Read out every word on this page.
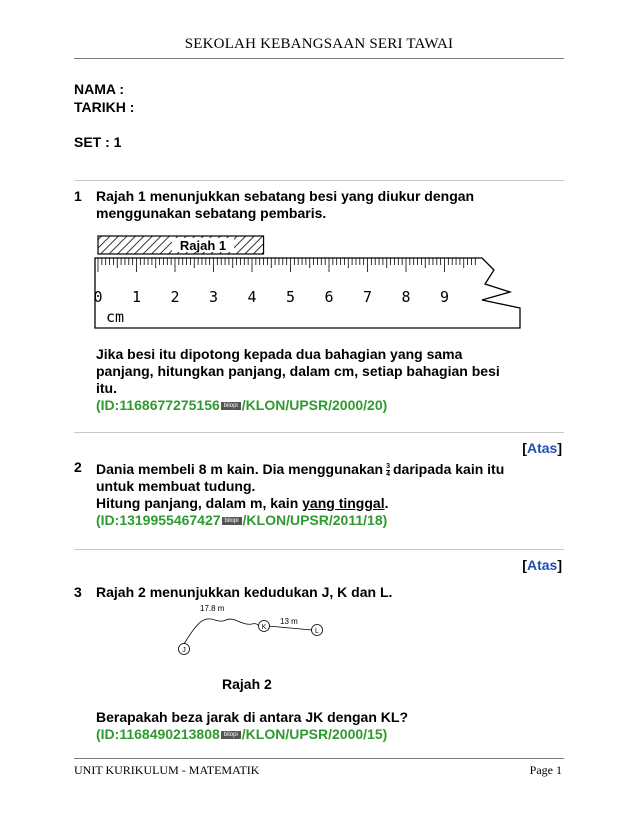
SEKOLAH KEBANGSAAN SERI TAWAI
NAMA :
TARIKH :
SET : 1
1 Rajah 1 menunjukkan sebatang besi yang diukur dengan
menggunakan sebatang pembaris.
Rajah 1
0 1 2 3 4 5 6 7 8 9
cm
Jika besi itu dipotong kepada dua bahagian yang sama
panjang, hitungkan panjang, dalam cm, setiap bahagian besi
itu.
(ID:1168677275156 bilopi /KLON/UPSR/2000/20)
[Atas]
2 Dania membeli 8 m kain. Dia menggunakan $\frac{3}{4}$ daripada kain itu
untuk membuat tudung.
Hitung panjang, dalam m, kain yang tinggal.
(ID:1319955467427 bilopi /KLON/UPSR/2011/18)
[Atas]
3 Rajah 2 menunjukkan kedudukan J, K dan L.
17.8 m
13 m
J
K
L
Rajah 2
Berapakah beza jarak di antara JK dengan KL?
(ID:1168490213808 bilopi /KLON/UPSR/2000/15)
UNIT KURIKULUM - MATEMATIK	Page 1
